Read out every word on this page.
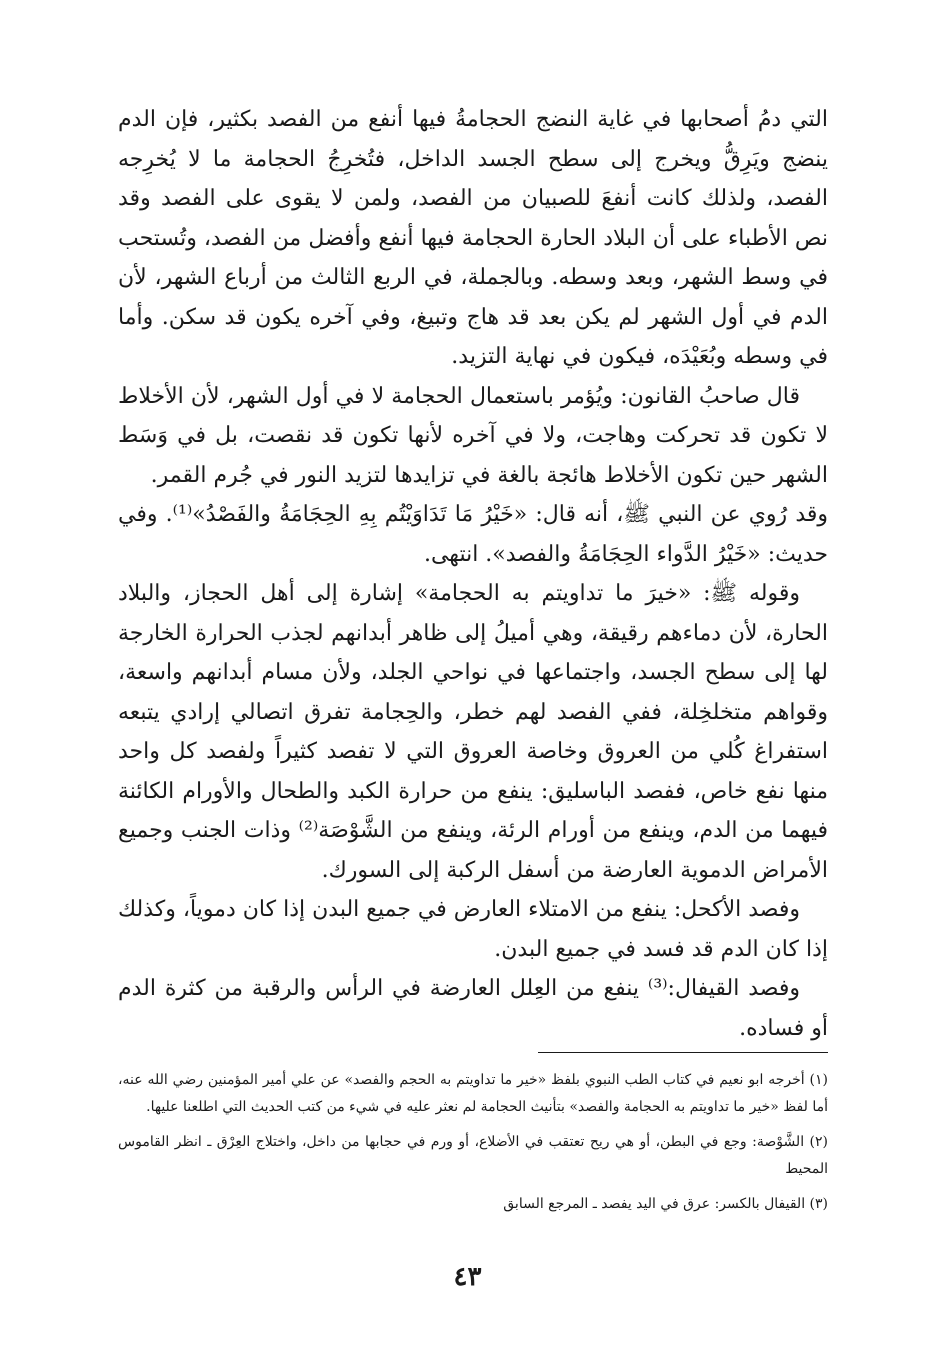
التي دمُ أصحابها في غاية النضج الحجامةُ فيها أنفع من الفصد بكثير، فإن الدم ينضج ويَرِقُّ ويخرج إلى سطح الجسد الداخل، فتُخرِجُ الحجامة ما لا يُخرِجه الفصد، ولذلك كانت أنفعَ للصبيان من الفصد، ولمن لا يقوى على الفصد وقد نص الأطباء على أن البلاد الحارة الحجامة فيها أنفع وأفضل من الفصد، وتُستحب في وسط الشهر، وبعد وسطه. وبالجملة، في الربع الثالث من أرباع الشهر، لأن الدم في أول الشهر لم يكن بعد قد هاج وتبيغ، وفي آخره يكون قد سكن. وأما في وسطه وبُعَيْدَه، فيكون في نهاية التزيد.

قال صاحبُ القانون: ويُؤمر باستعمال الحجامة لا في أول الشهر، لأن الأخلاط لا تكون قد تحركت وهاجت، ولا في آخره لأنها تكون قد نقصت، بل في وَسَط الشهر حين تكون الأخلاط هائجة بالغة في تزايدها لتزيد النور في جُرم القمر.

وقد رُوي عن النبي ﷺ، أنه قال: «خَيْرُ مَا تَدَاوَيْتُم بِهِ الحِجَامَةُ والفَصْدُ»⁽¹⁾. وفي حديث: «خَيْرُ الدَّواء الحِجَامَةُ والفصد». انتهى.

وقوله ﷺ: «خيرَ ما تداويتم به الحجامة» إشارة إلى أهل الحجاز، والبلاد الحارة، لأن دماءهم رقيقة، وهي أميلُ إلى ظاهر أبدانهم لجذب الحرارة الخارجة لها إلى سطح الجسد، واجتماعها في نواحي الجلد، ولأن مسام أبدانهم واسعة، وقواهم متخلخِلة، ففي الفصد لهم خطر، والحِجامة تفرق اتصالي إرادي يتبعه استفراغ كُلي من العروق وخاصة العروق التي لا تفصد كثيراً ولفصد كل واحد منها نفع خاص، ففصد الباسليق: ينفع من حرارة الكبد والطحال والأورام الكائنة فيهما من الدم، وينفع من أورام الرئة، وينفع من الشَّوْصَة⁽²⁾ وذات الجنب وجميع الأمراض الدموية العارضة من أسفل الركبة إلى السورك.

وفصد الأكحل: ينفع من الامتلاء العارض في جميع البدن إذا كان دموياً، وكذلك إذا كان الدم قد فسد في جميع البدن.

وفصد القيفال:⁽³⁾ ينفع من العِلل العارضة في الرأس والرقبة من كثرة الدم أو فساده.

(١) أخرجه ابو نعيم في كتاب الطب النبوي بلفظ «خير ما تداويتم به الحجم والفصد» عن علي أمير المؤمنين رضي الله عنه، أما لفظ «خير ما تداويتم به الحجامة والفصد» بتأنيث الحجامة لم نعثر عليه في شيء من كتب الحديث التي اطلعنا عليها.

(٢) الشَّوْصة: وجع في البطن، أو هي ريح تعتقب في الأضلاع، أو ورم في حجابها من داخل، واختلاج العِرْق ـ انظر القاموس المحيط

(٣) القيفال بالكسر: عرق في اليد يفصد ـ المرجع السابق

٤٣
